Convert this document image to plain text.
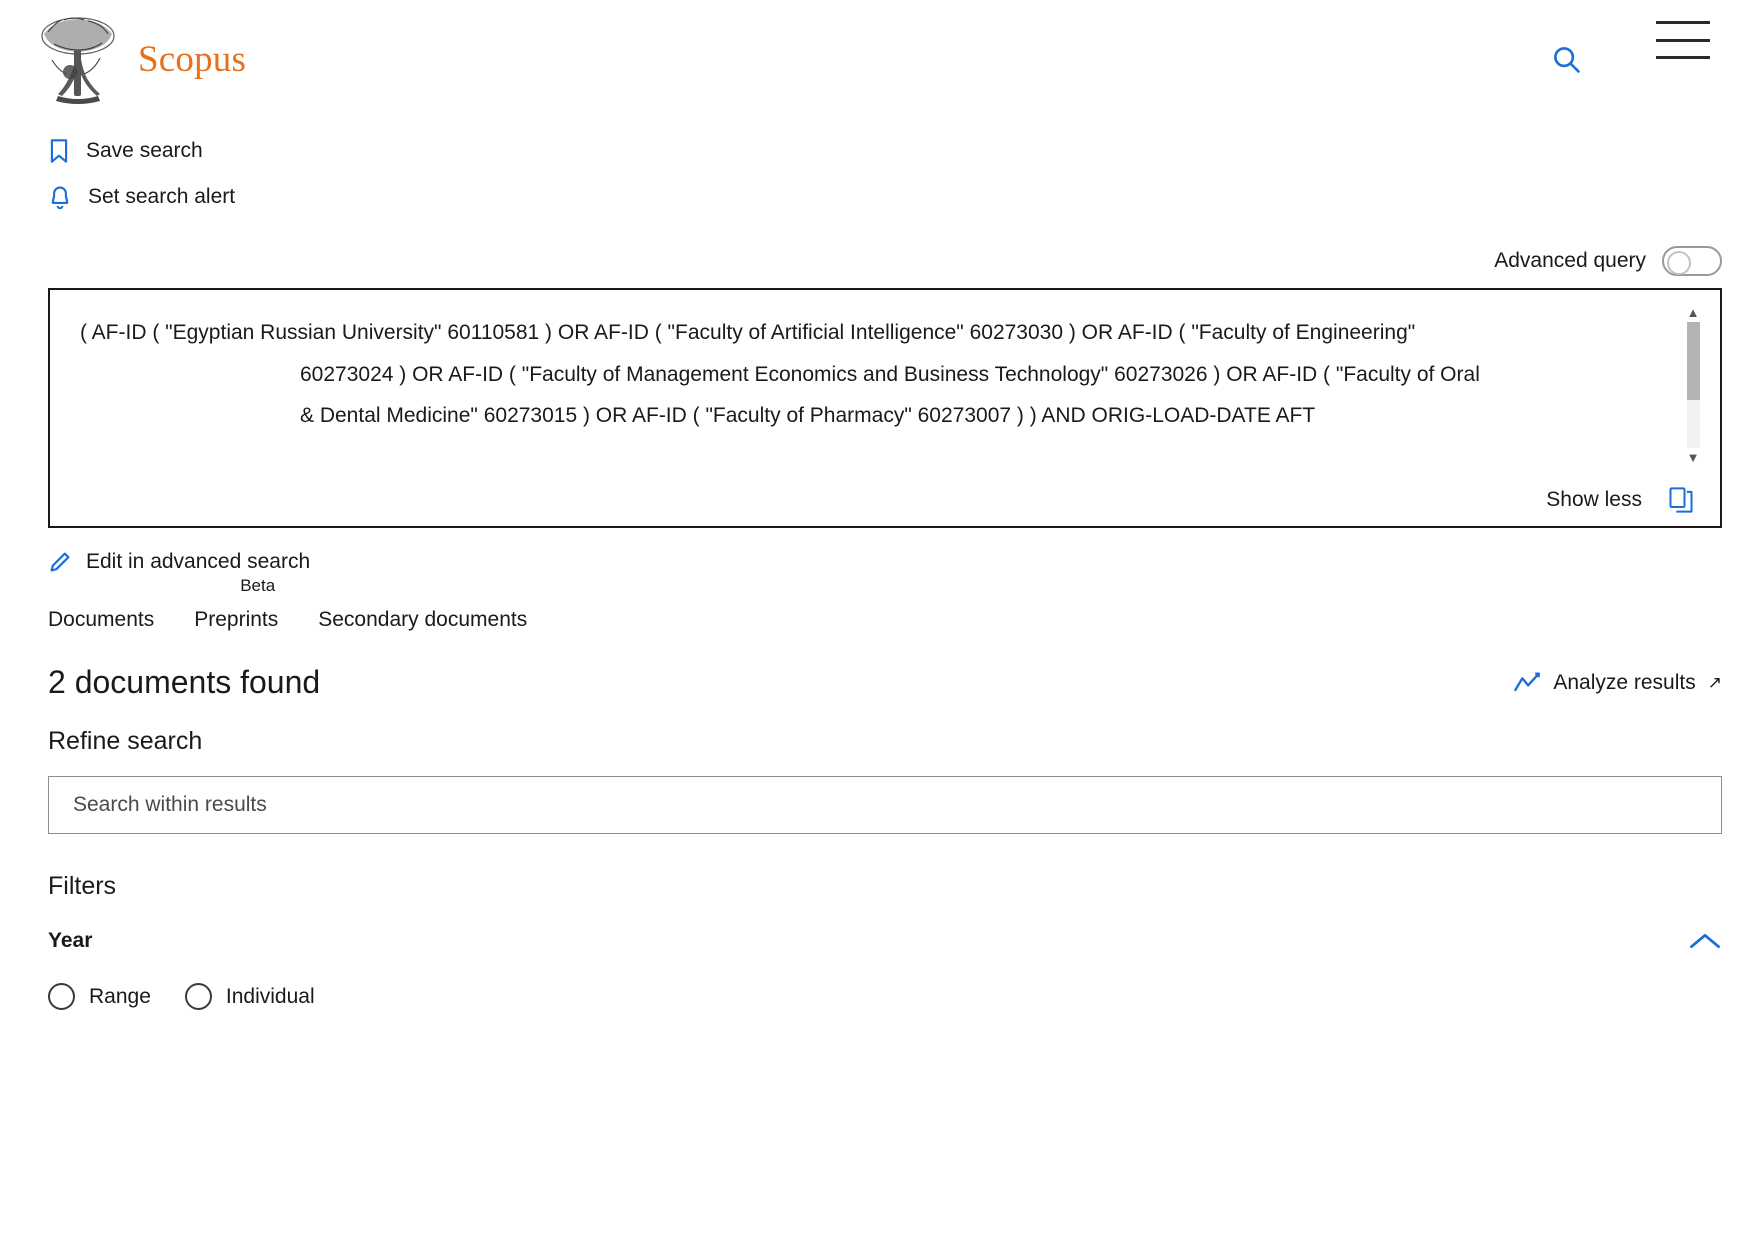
Scopus
Save search
Set search alert
Advanced query
( AF-ID ( "Egyptian Russian University" 60110581 ) OR AF-ID ( "Faculty of Artificial Intelligence" 60273030 ) OR AF-ID ( "Faculty of Engineering" 60273024 ) OR AF-ID ( "Faculty of Management Economics and Business Technology" 60273026 ) OR AF-ID ( "Faculty of Oral & Dental Medicine" 60273015 ) OR AF-ID ( "Faculty of Pharmacy" 60273007 ) ) AND ORIG-LOAD-DATE AFT
▲
▼
Show less
Edit in advanced search
Documents
Beta
Preprints	Secondary documents
2 documents found	Analyze results ↗
Refine search
Search within results
Filters
Year
Range	Individual
